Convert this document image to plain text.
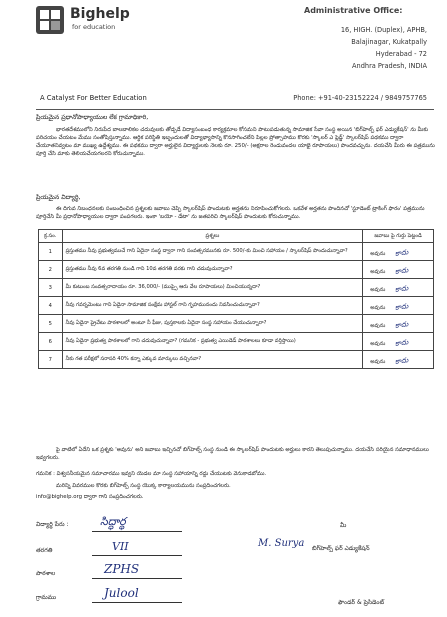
Bighelp
for education
A Catalyst For Better Education
Administrative Office:
16, HIGH. (Duplex), APHB,
Balajinagar, Kukatpally
Hyderabad - 72
Andhra Pradesh, INDIA
Phone: +91-40-23152224 / 9849757765
ప్రియమైన ప్రధానోపాధ్యాయుల లేక గ్రామాధికారి,
భారతదేశములోని నిరుపేద బాలబాలికల చదువులకు తోడ్పడే విద్యాసంబంధ కార్యక్రమాల కోసమని పాటుపడుతున్న సామాజిక సేవా సంస్థ అయిన 'బిగ్‌హెల్ప్ ఫర్ ఎడ్యుకేషన్' ను మీకు పరిచయం చేయటం మేము సంతోషిస్తున్నాము. ఆర్థిక పరిస్థితి ఇబ్బందులతో విద్యాభ్యాసాన్ని కొనసాగించలేని పిల్లల ప్రోత్సాహము కొరకు 'స్కాలర్ ఎ ప్లెడ్జ్' స్కాలర్‌షిప్ పథకము ద్వారా చేయూతనివ్వటం మా ముఖ్య ఉద్దేశ్యము. ఈ పథకము ద్వారా అర్హులైన విద్యార్థులకు నెలకు రూ. 250/- (అక్షరాల రెండువందల యాభై రూపాయలు) పొందవచ్చును. దయచేసి మీరు ఈ పత్రమును పూర్తి చేసి మాకు తెలియచేయగలరని కోరుచున్నాము.
ప్రియమైన విద్యార్థి,
ఈ దిగువ నిబంధనలకు సంబంధించిన ప్రశ్నలకు జవాబు చెప్పి స్కాలర్‌షిప్ పొందుటకు అర్హతను నిరూపించుకోగలరు. ఒకవేళ అర్హతను పొందినచో 'స్టూడెంట్ ట్రాకింగ్ ఫారం' పత్రమును పూర్తిచేసి మీ ప్రధానోపాధ్యాయుల ద్వారా పంపగలరు. ఇంకా 'బయో - డేటా' ను జతపరిచి స్కాలర్‌షిప్ పొందుటకు కోరుచున్నాము.
క్ర.సం.	ప్రశ్నలు	జవాబు పై గుర్తు పెట్టండి
1	ప్రస్తుతము నీవు ప్రభుత్వముచే గాని ఏదైనా సంస్థ ద్వారా గాని సంవత్సరమునకు రూ. 500/-కు మించి సహాయం / స్కాలర్‌షిప్ పొందుచున్నావా?	అవును కాదు
2	ప్రస్తుతము నీవు 6వ తరగతి నుండి గాని 10వ తరగతి వరకు గాని చదువుచున్నావా?	అవును కాదు
3	మీ కుటుంబ సంవత్సరాదాయం రూ. 36,000/- (ముప్పై ఆరు వేల రూపాయలు) మించియున్నదా?	అవును కాదు
4	నీవు గవర్నమెంటు గాని ఏదైనా సామాజిక సంక్షేమ హాస్టల్ గాని గృహమునందు నివసించుచున్నావా?	అవును కాదు
5	నీవు ఏదైనా ప్రైవేటు పాఠశాలలో అంటూ నీ ఫీజు, పుస్తకాలకు ఏదైనా సంస్థ సహాయం చేయుచున్నారా?	అవును కాదు
6	నీవు ఏదైనా ప్రభుత్వ పాఠశాలలో గాని చదువుచున్నావా? (గమనిక - ప్రభుత్వ ఎయిడెడ్ పాఠశాలలు కూడా వర్తిస్తాయి)	అవును కాదు
7	నీకు గత పరీక్షలో సరాసరి 40% కన్నా ఎక్కువ మార్కులు వచ్చినవా?	అవును కాదు
పై వాటిలో ఏదేని ఒక ప్రశ్నకు 'అవును' అని జవాబు ఇచ్చినచో బిగ్‌హెల్ప్ సంస్థ నుండి ఈ స్కాలర్‌షిప్ పొందుటకు అర్హులు కారని తెలుపుచున్నాము. దయచేసి సరియైన సమాధానములు ఇవ్వగలరు.
గమనిక : విశ్వసనీయమైన సమాచారము ఇవ్వని యెడల మా సంస్థ సహాయాన్ని రద్దు చేయుటకు వెనుకాడబోము.
మరిన్ని వివరముల కొరకు బిగ్‌హెల్ప్ సంస్థ యొక్క కార్యాలయమును సంప్రదించగలరు.
info@bighelp.org ద్వారా గాని సంప్రదించగలరు.
విద్యార్థి పేరు :	సిద్ధార్థ
తరగతి	VII
పాఠశాల	ZPHS
గ్రామము	Julool
మీ
M. Surya బిగ్‌హెల్ప్ ఫర్ ఎడ్యుకేషన్
ఫౌండర్ & ప్రెసిడెంట్
